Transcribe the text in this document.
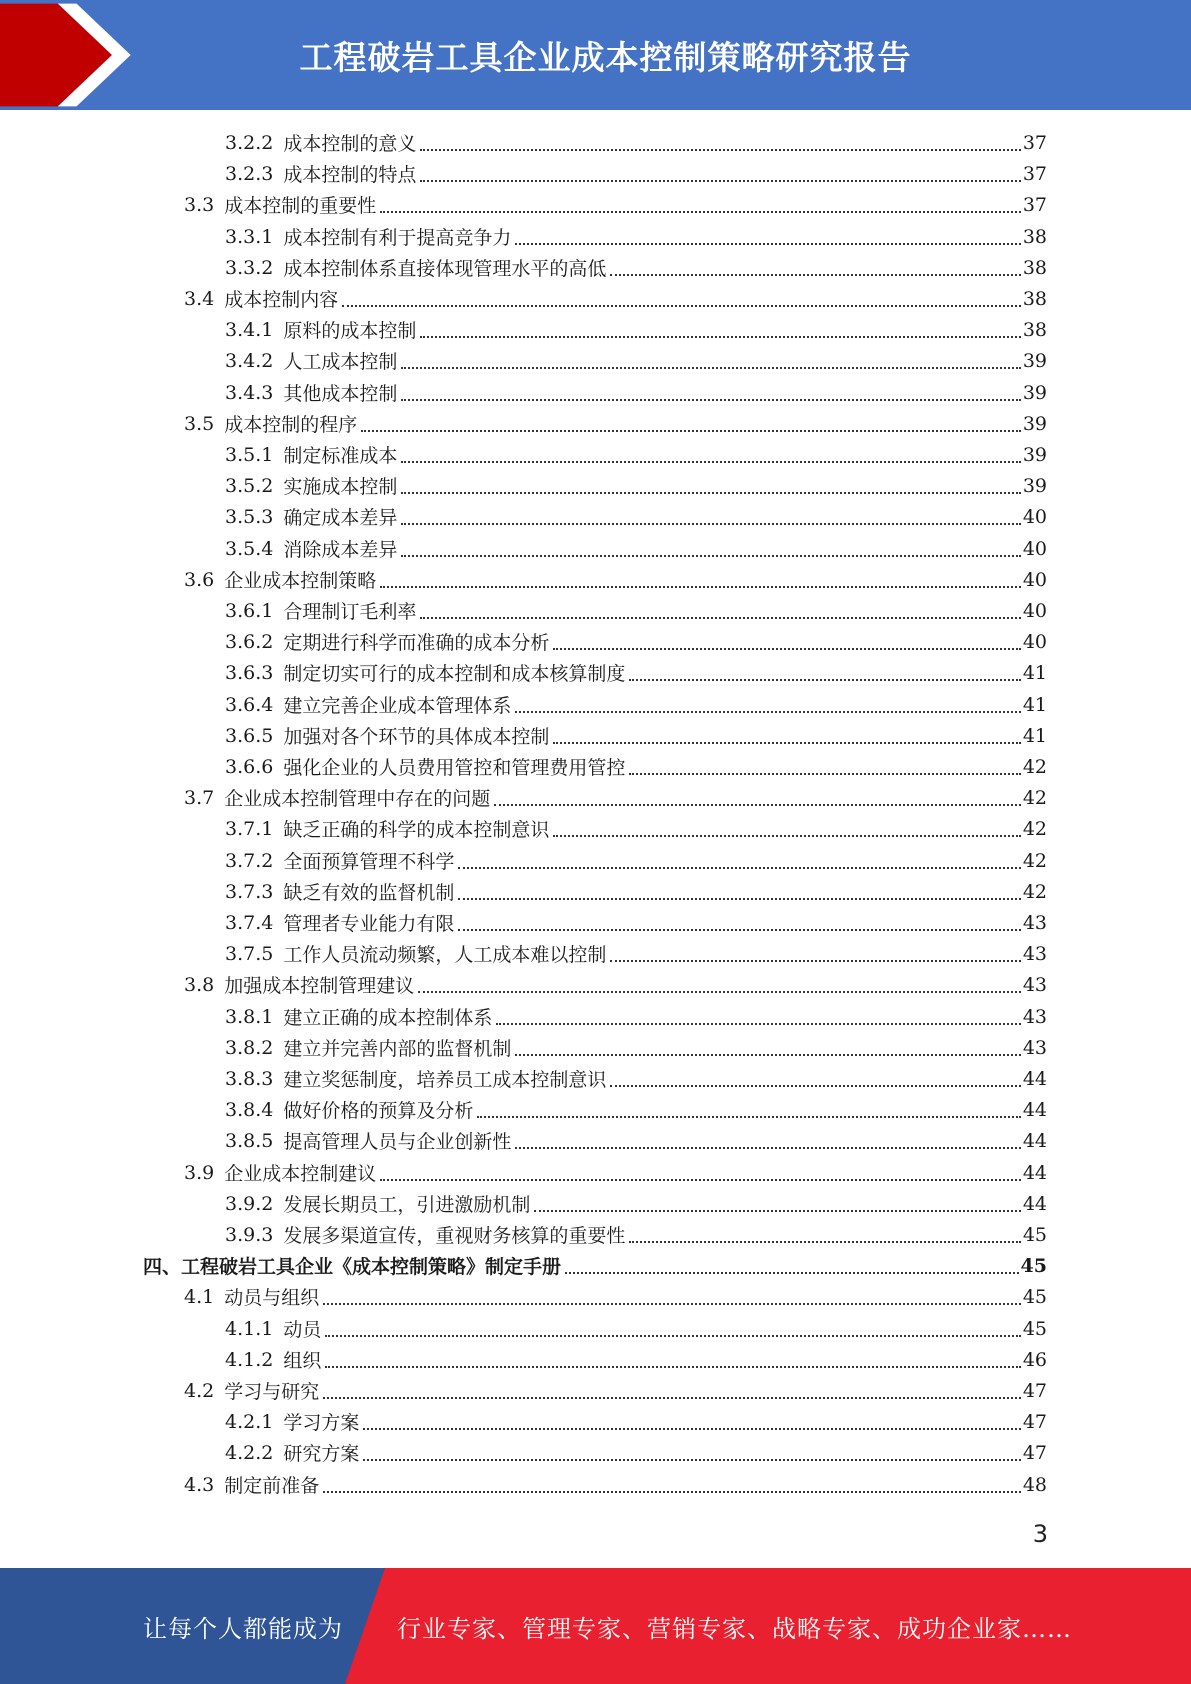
工程破岩工具企业成本控制策略研究报告
3.2.2 成本控制的意义	37
3.2.3 成本控制的特点	37
3.3 成本控制的重要性	37
3.3.1 成本控制有利于提高竞争力	38
3.3.2 成本控制体系直接体现管理水平的高低	38
3.4 成本控制内容	38
3.4.1 原料的成本控制	38
3.4.2 人工成本控制	39
3.4.3 其他成本控制	39
3.5 成本控制的程序	39
3.5.1 制定标准成本	39
3.5.2 实施成本控制	39
3.5.3 确定成本差异	40
3.5.4 消除成本差异	40
3.6 企业成本控制策略	40
3.6.1 合理制订毛利率	40
3.6.2 定期进行科学而准确的成本分析	40
3.6.3 制定切实可行的成本控制和成本核算制度	41
3.6.4 建立完善企业成本管理体系	41
3.6.5 加强对各个环节的具体成本控制	41
3.6.6 强化企业的人员费用管控和管理费用管控	42
3.7 企业成本控制管理中存在的问题	42
3.7.1 缺乏正确的科学的成本控制意识	42
3.7.2 全面预算管理不科学	42
3.7.3 缺乏有效的监督机制	42
3.7.4 管理者专业能力有限	43
3.7.5 工作人员流动频繁，人工成本难以控制	43
3.8 加强成本控制管理建议	43
3.8.1 建立正确的成本控制体系	43
3.8.2 建立并完善内部的监督机制	43
3.8.3 建立奖惩制度，培养员工成本控制意识	44
3.8.4 做好价格的预算及分析	44
3.8.5 提高管理人员与企业创新性	44
3.9 企业成本控制建议	44
3.9.2 发展长期员工，引进激励机制	44
3.9.3 发展多渠道宣传，重视财务核算的重要性	45
四、工程破岩工具企业《成本控制策略》制定手册	45
4.1 动员与组织	45
4.1.1 动员	45
4.1.2 组织	46
4.2 学习与研究	47
4.2.1 学习方案	47
4.2.2 研究方案	47
4.3 制定前准备	48
3
让每个人都能成为 行业专家、管理专家、营销专家、战略专家、成功企业家……
